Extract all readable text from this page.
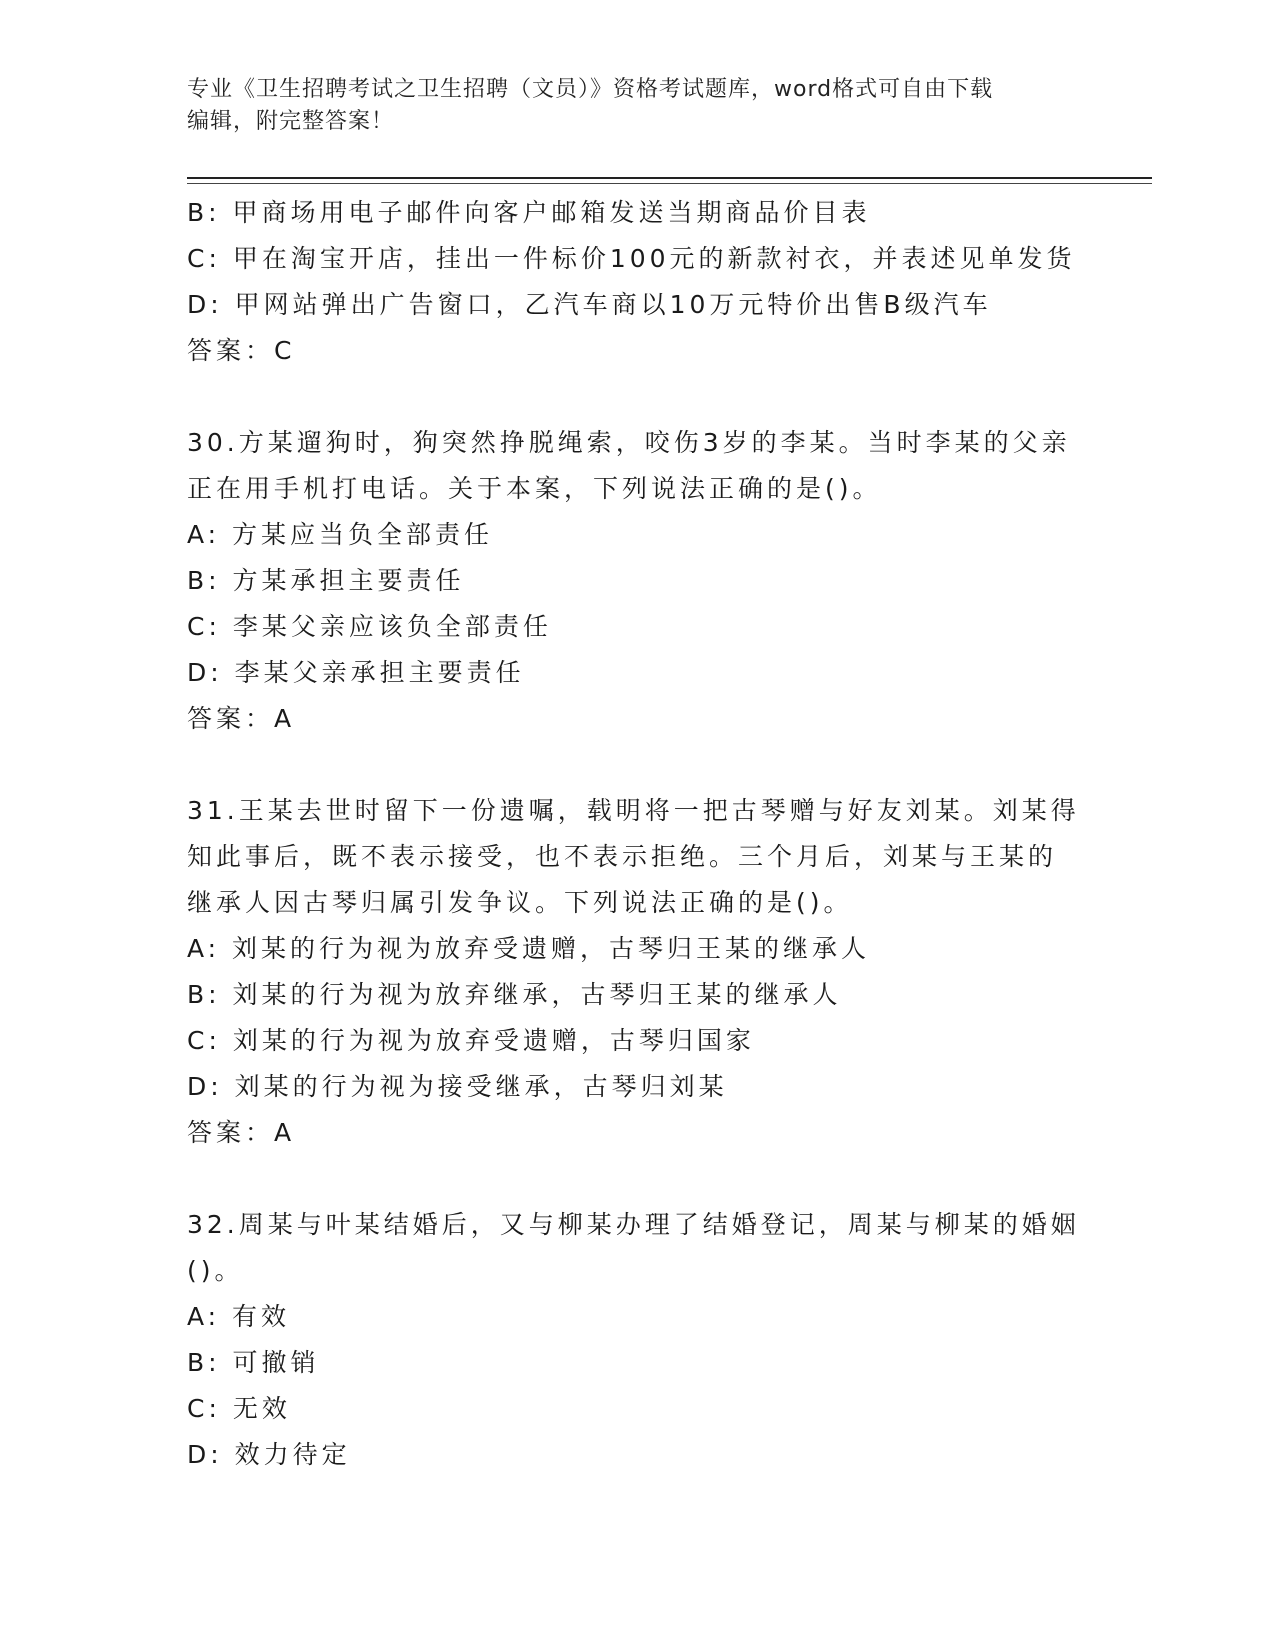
专业《卫生招聘考试之卫生招聘（文员）》资格考试题库，word格式可自由下载
编辑，附完整答案！
B: 甲商场用电子邮件向客户邮箱发送当期商品价目表
C: 甲在淘宝开店，挂出一件标价100元的新款衬衣，并表述见单发货
D: 甲网站弹出广告窗口，乙汽车商以10万元特价出售B级汽车
答案：C
30.方某遛狗时，狗突然挣脱绳索，咬伤3岁的李某。当时李某的父亲
正在用手机打电话。关于本案，下列说法正确的是()。
A: 方某应当负全部责任
B: 方某承担主要责任
C: 李某父亲应该负全部责任
D: 李某父亲承担主要责任
答案：A
31.王某去世时留下一份遗嘱，载明将一把古琴赠与好友刘某。刘某得
知此事后，既不表示接受，也不表示拒绝。三个月后，刘某与王某的
继承人因古琴归属引发争议。下列说法正确的是()。
A: 刘某的行为视为放弃受遗赠，古琴归王某的继承人
B: 刘某的行为视为放弃继承，古琴归王某的继承人
C: 刘某的行为视为放弃受遗赠，古琴归国家
D: 刘某的行为视为接受继承，古琴归刘某
答案：A
32.周某与叶某结婚后，又与柳某办理了结婚登记，周某与柳某的婚姻
()。
A: 有效
B: 可撤销
C: 无效
D: 效力待定
